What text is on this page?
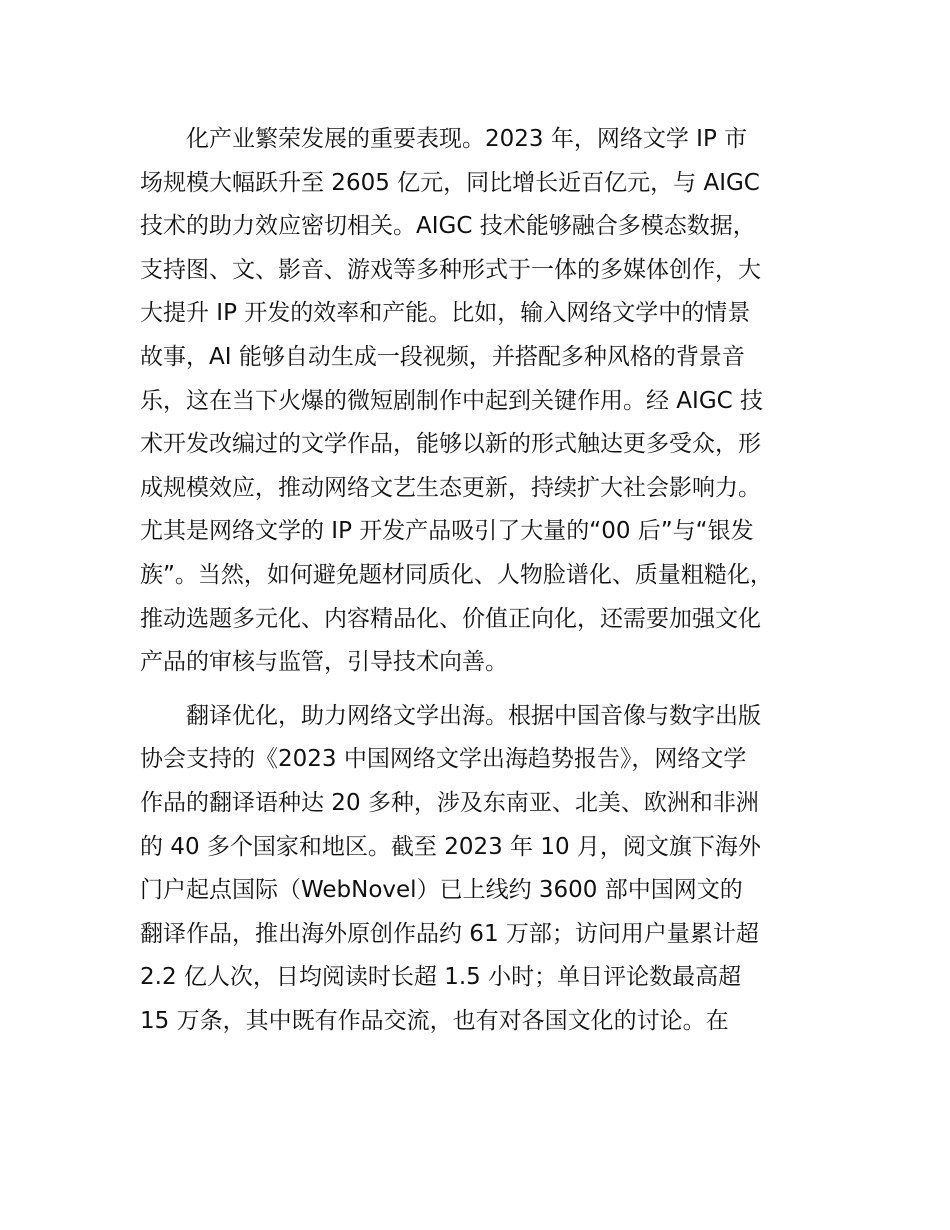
　　化产业繁荣发展的重要表现。2023 年，网络文学 IP 市
场规模大幅跃升至 2605 亿元，同比增长近百亿元，与 AIGC
技术的助力效应密切相关。AIGC 技术能够融合多模态数据，
支持图、文、影音、游戏等多种形式于一体的多媒体创作，大
大提升 IP 开发的效率和产能。比如，输入网络文学中的情景
故事，AI 能够自动生成一段视频，并搭配多种风格的背景音
乐，这在当下火爆的微短剧制作中起到关键作用。经 AIGC 技
术开发改编过的文学作品，能够以新的形式触达更多受众，形
成规模效应，推动网络文艺生态更新，持续扩大社会影响力。
尤其是网络文学的 IP 开发产品吸引了大量的“00 后”与“银发
族”。当然，如何避免题材同质化、人物脸谱化、质量粗糙化，
推动选题多元化、内容精品化、价值正向化，还需要加强文化
产品的审核与监管，引导技术向善。

　　翻译优化，助力网络文学出海。根据中国音像与数字出版
协会支持的《2023 中国网络文学出海趋势报告》，网络文学
作品的翻译语种达 20 多种，涉及东南亚、北美、欧洲和非洲
的 40 多个国家和地区。截至 2023 年 10 月，阅文旗下海外
门户起点国际（WebNovel）已上线约 3600 部中国网文的
翻译作品，推出海外原创作品约 61 万部；访问用户量累计超
2.2 亿人次，日均阅读时长超 1.5 小时；单日评论数最高超
15 万条，其中既有作品交流，也有对各国文化的讨论。在
